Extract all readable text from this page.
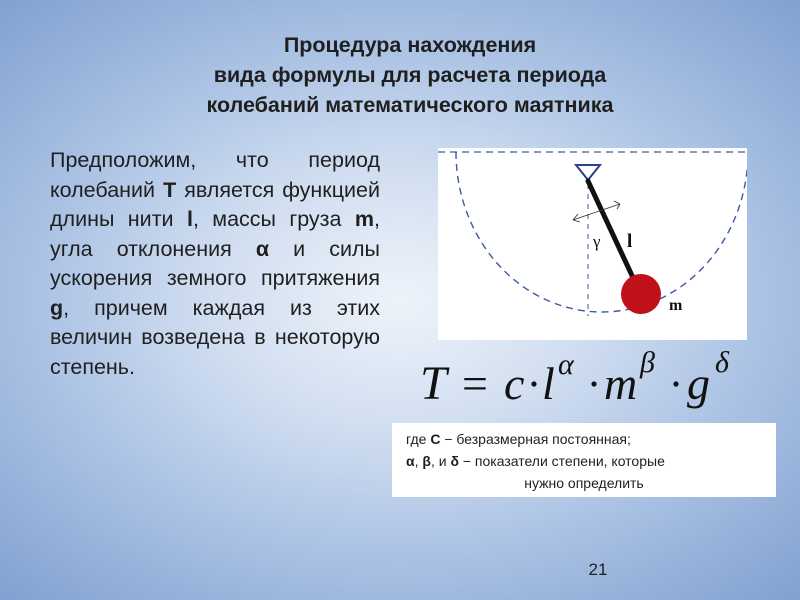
Процедура нахождения
вида формулы для расчета периода
колебаний математического маятника

Предположим, что период колебаний T является функцией длины нити l, массы груза m, угла отклонения α и силы ускорения земного притяжения g, причем каждая из этих величин возведена в некоторую степень.

γ l
m
T = c l α m β g δ
где C − безразмерная постоянная;
α, β, и δ − показатели степени, которые
нужно определить
21
